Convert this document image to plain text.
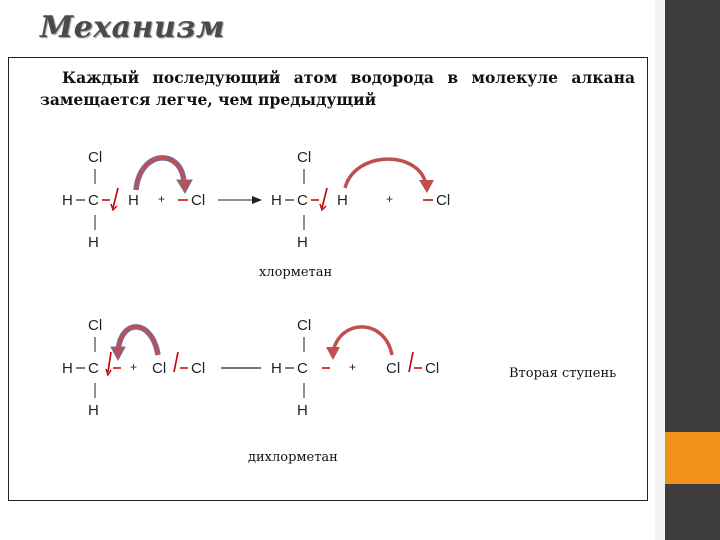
Механизм
Каждый последующий атом водорода в молекуле алкана
замещается легче, чем предыдущий
Cl
H C H
H
+ Cl
Cl
H C H
H
+	Cl
хлорметан
Cl
H C
H
+ Cl Cl
Cl
H C
H
+ Cl Cl
дихлорметан
Вторая ступень
